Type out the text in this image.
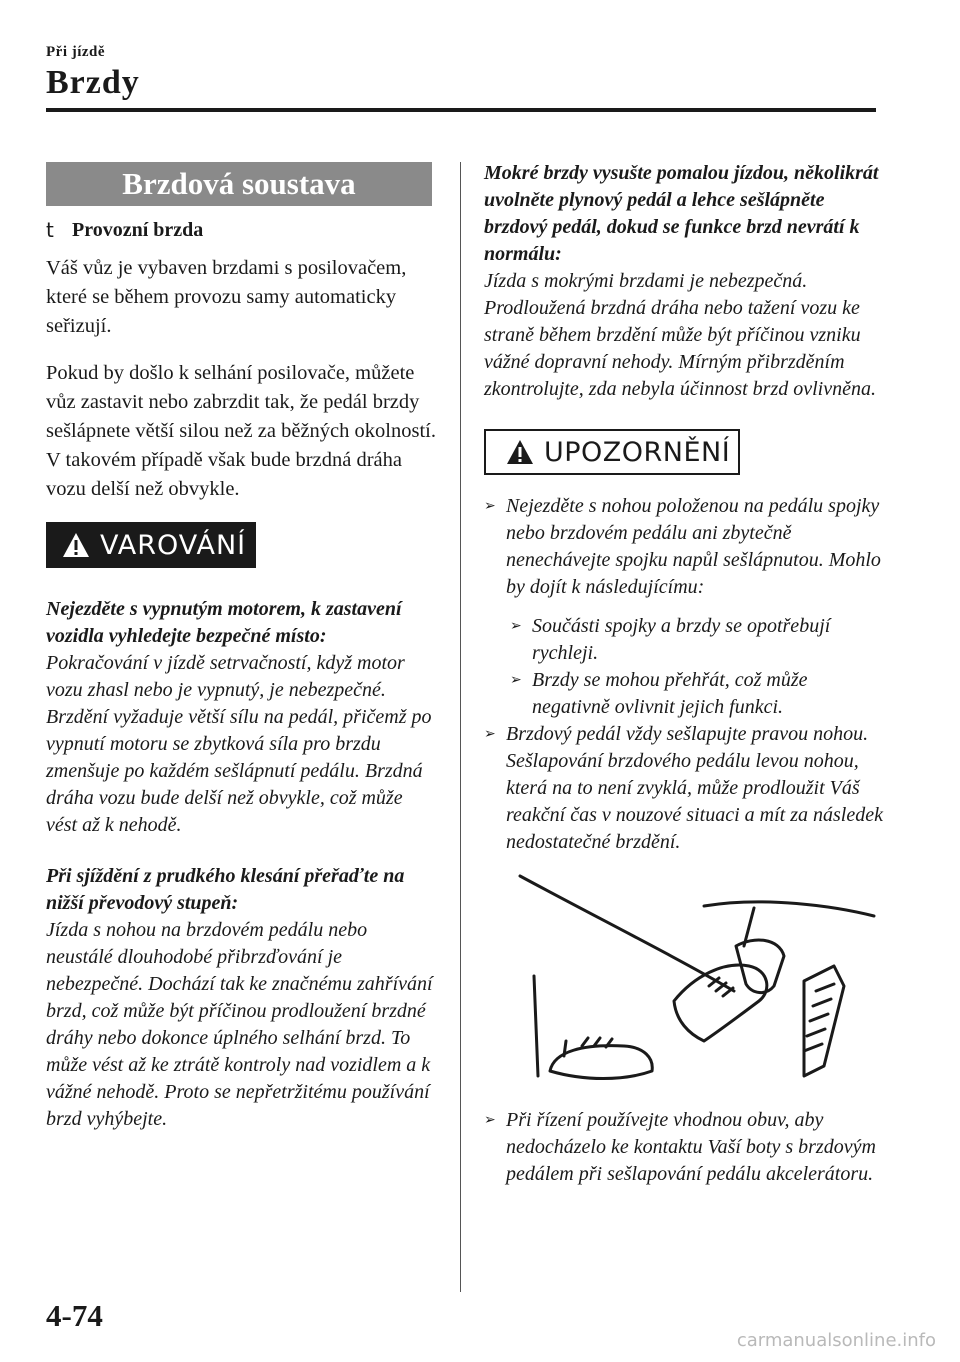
Při jízdě
Brzdy
Brzdová soustava
t Provozní brzda

Váš vůz je vybaven brzdami s posilovačem, které se během provozu samy automaticky seřizují.

Pokud by došlo k selhání posilovače, můžete vůz zastavit nebo zabrzdit tak, že pedál brzdy sešlápnete větší silou než za běžných okolností. V takovém případě však bude brzdná dráha vozu delší než obvykle.

VAROVÁNÍ

Nejezděte s vypnutým motorem, k zastavení vozidla vyhledejte bezpečné místo:

Pokračování v jízdě setrvačností, když motor vozu zhasl nebo je vypnutý, je nebezpečné. Brzdění vyžaduje větší sílu na pedál, přičemž po vypnutí motoru se zbytková síla pro brzdu zmenšuje po každém sešlápnutí pedálu. Brzdná dráha vozu bude delší než obvykle, což může vést až k nehodě.

Při sjíždění z prudkého klesání přeřaďte na nižší převodový stupeň:

Jízda s nohou na brzdovém pedálu nebo neustálé dlouhodobé přibrzďování je nebezpečné. Dochází tak ke značnému zahřívání brzd, což může být příčinou prodloužení brzdné dráhy nebo dokonce úplného selhání brzd. To může vést až ke ztrátě kontroly nad vozidlem a k vážné nehodě. Proto se nepřetržitému používání brzd vyhýbejte.

Mokré brzdy vysušte pomalou jízdou, několikrát uvolněte plynový pedál a lehce sešlápněte brzdový pedál, dokud se funkce brzd nevrátí k normálu:

Jízda s mokrými brzdami je nebezpečná. Prodloužená brzdná dráha nebo tažení vozu ke straně během brzdění může být příčinou vzniku vážné dopravní nehody. Mírným přibrzděním zkontrolujte, zda nebyla účinnost brzd ovlivněna.

UPOZORNĚNÍ
➢ Nejezděte s nohou položenou na pedálu spojky nebo brzdovém pedálu ani zbytečně nenechávejte spojku napůl sešlápnutou. Mohlo by dojít k následujícímu:
➢ Součásti spojky a brzdy se opotřebují rychleji.
➢ Brzdy se mohou přehřát, což může negativně ovlivnit jejich funkci.
➢ Brzdový pedál vždy sešlapujte pravou nohou. Sešlapování brzdového pedálu levou nohou, která na to není zvyklá, může prodloužit Váš reakční čas v nouzové situaci a mít za následek nedostatečné brzdění.
➢ Při řízení používejte vhodnou obuv, aby nedocházelo ke kontaktu Vaší boty s brzdovým pedálem při sešlapování pedálu akcelerátoru.
4-74
carmanualsonline.info
